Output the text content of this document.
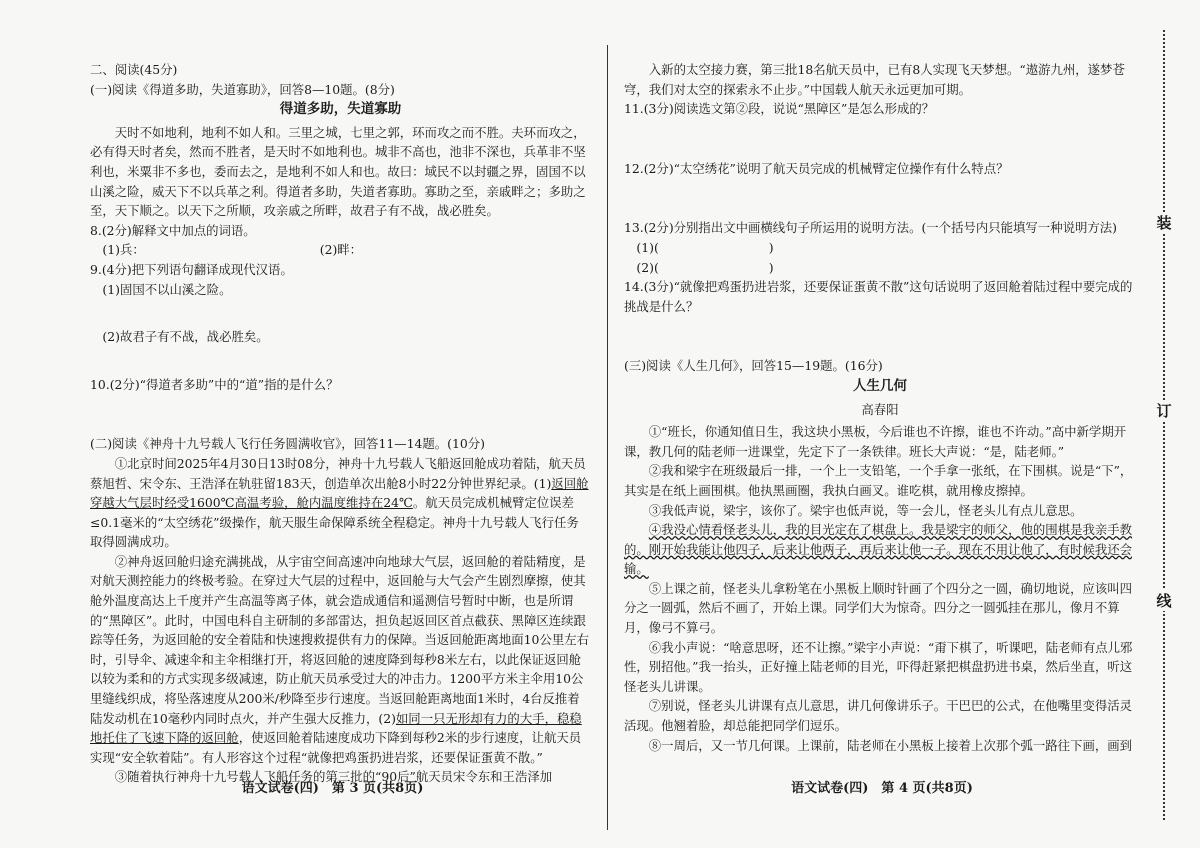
二、阅读(45分)

(一)阅读《得道多助，失道寡助》，回答8—10题。(8分)

得道多助，失道寡助

天时不如地利，地利不如人和。三里之城，七里之郭，环而攻之而不胜。夫环而攻之，必有得天时者矣，然而不胜者，是天时不如地利也。城非不高也，池非不深也，兵革非不坚利也，米粟非不多也，委而去之，是地利不如人和也。故曰：域民不以封疆之界，固国不以山溪之险，威天下不以兵革之利。得道者多助，失道者寡助。寡助之至，亲戚畔之；多助之至，天下顺之。以天下之所顺，攻亲戚之所畔，故君子有不战，战必胜矣。

8.(2分)解释文中加点的词语。

(1)兵：	(2)畔：

9.(4分)把下列语句翻译成现代汉语。

(1)固国不以山溪之险。

(2)故君子有不战，战必胜矣。

10.(2分)“得道者多助”中的“道”指的是什么？

(二)阅读《神舟十九号载人飞行任务圆满收官》，回答11—14题。(10分)

①北京时间2025年4月30日13时08分，神舟十九号载人飞船返回舱成功着陆，航天员蔡旭哲、宋令东、王浩泽在轨驻留183天，创造单次出舱8小时22分钟世界纪录。(1)返回舱穿越大气层时经受1600℃高温考验，舱内温度维持在24℃。航天员完成机械臂定位误差≤0.1毫米的“太空绣花”级操作，航天服生命保障系统全程稳定。神舟十九号载人飞行任务取得圆满成功。

②神舟返回舱归途充满挑战，从宇宙空间高速冲向地球大气层，返回舱的着陆精度，是对航天测控能力的终极考验。在穿过大气层的过程中，返回舱与大气会产生剧烈摩擦，使其舱外温度高达上千度并产生高温等离子体，就会造成通信和遥测信号暂时中断，也是所谓的“黑障区”。此时，中国电科自主研制的多部雷达，担负起返回区首点截获、黑障区连续跟踪等任务，为返回舱的安全着陆和快速搜救提供有力的保障。当返回舱距离地面10公里左右时，引导伞、减速伞和主伞相继打开，将返回舱的速度降到每秒8米左右，以此保证返回舱以较为柔和的方式实现多级减速，防止航天员承受过大的冲击力。1200平方米主伞用10公里缝线织成，将坠落速度从200米/秒降至步行速度。当返回舱距离地面1米时，4台反推着陆发动机在10毫秒内同时点火，并产生强大反推力，(2)如同一只无形却有力的大手，稳稳地托住了飞速下降的返回舱，使返回舱着陆速度成功下降到每秒2米的步行速度，让航天员实现“安全软着陆”。有人形容这个过程“就像把鸡蛋扔进岩浆，还要保证蛋黄不散。”

③随着执行神舟十九号载人飞船任务的第三批的“90后”航天员宋令东和王浩泽加

语文试卷(四)　第 3 页(共8页)

入新的太空接力赛，第三批18名航天员中，已有8人实现飞天梦想。“遨游九州，遂梦苍穹，我们对太空的探索永不止步。”中国载人航天永远更加可期。

11.(3分)阅读选文第②段，说说“黑障区”是怎么形成的？

12.(2分)“太空绣花”说明了航天员完成的机械臂定位操作有什么特点？

13.(2分)分别指出文中画横线句子所运用的说明方法。(一个括号内只能填写一种说明方法)

(1)(	)

(2)(	)

14.(3分)“就像把鸡蛋扔进岩浆，还要保证蛋黄不散”这句话说明了返回舱着陆过程中要完成的挑战是什么？

(三)阅读《人生几何》，回答15—19题。(16分)

人生几何

高春阳

①“班长，你通知值日生，我这块小黑板，今后谁也不许擦，谁也不许动。”高中新学期开课，教几何的陆老师一进课堂，先定下了一条铁律。班长大声说：“是，陆老师。”

②我和梁宇在班级最后一排，一个上一支铅笔，一个手拿一张纸，在下围棋。说是“下”，其实是在纸上画围棋。他执黑画圈，我执白画叉。谁吃棋，就用橡皮擦掉。

③我低声说，梁宇，该你了。梁宇也低声说，等一会儿，怪老头儿有点儿意思。

④我没心情看怪老头儿，我的目光定在了棋盘上。我是梁宇的师父，他的围棋是我亲手教的。刚开始我能让他四子，后来让他两子，再后来让他一子。现在不用让他了，有时候我还会输。

⑤上课之前，怪老头儿拿粉笔在小黑板上顺时针画了个四分之一圆，确切地说，应该叫四分之一圆弧，然后不画了，开始上课。同学们大为惊奇。四分之一圆弧挂在那儿，像月不算月，像弓不算弓。

⑥我小声说：“啥意思呀，还不让擦。”梁宇小声说：“甭下棋了，听课吧，陆老师有点儿邪性，别招他。”我一抬头，正好撞上陆老师的目光，吓得赶紧把棋盘扔进书桌，然后坐直，听这怪老头儿讲课。

⑦别说，怪老头儿讲课有点儿意思，讲几何像讲乐子。干巴巴的公式，在他嘴里变得活灵活现。他翘着脸，却总能把同学们逗乐。

⑧一周后，又一节几何课。上课前，陆老师在小黑板上接着上次那个弧一路往下画，画到

语文试卷(四)　第 4 页(共8页)
装
订
线
